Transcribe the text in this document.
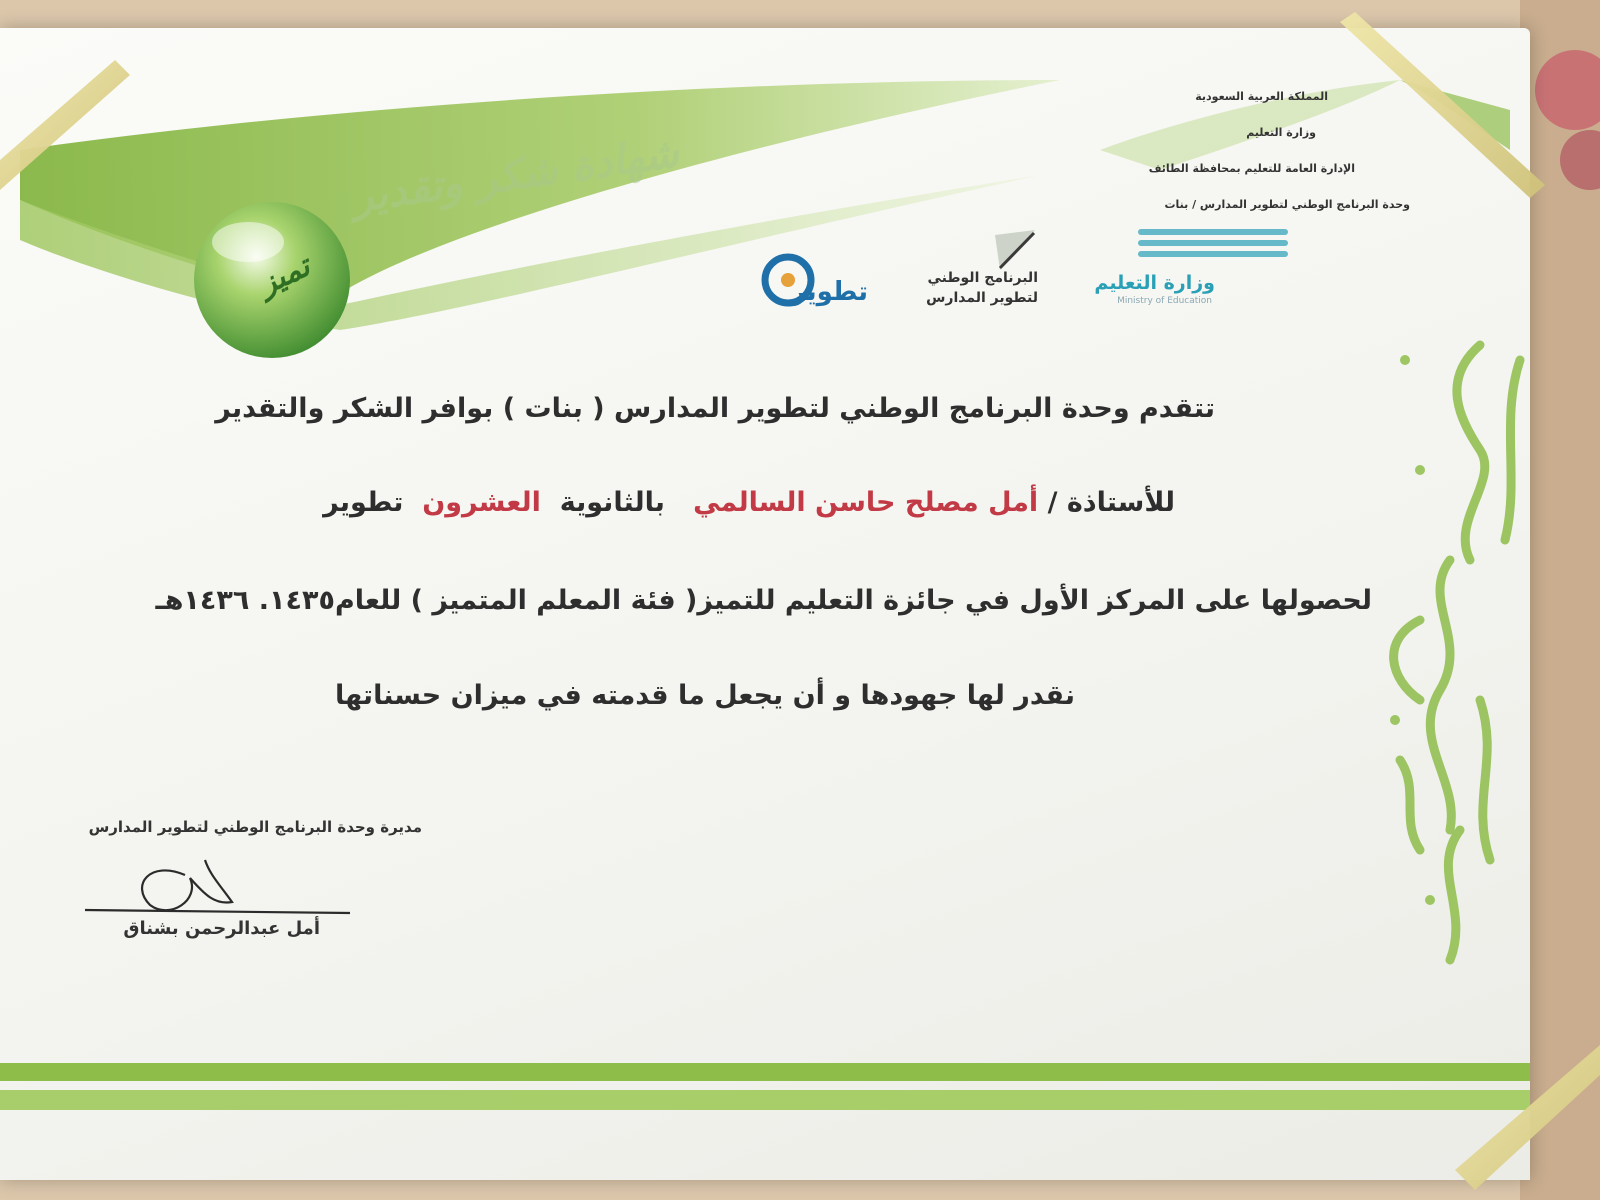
المملكة العربية السعودية
وزارة التعليم
الإدارة العامة للتعليم بمحافظة الطائف
وحدة البرنامج الوطني لتطوير المدارس / بنات
وزارة التعليم
Ministry of Education
البرنامج الوطني
لتطوير المدارس
تطوير
تميز
شهادة شكر وتقدير
تتقدم وحدة البرنامج الوطني لتطوير المدارس ( بنات ) بوافر الشكر والتقدير
للأستاذة / أمل مصلح حاسن السالمي   بالثانوية  العشرون  تطوير
لحصولها على المركز الأول في جائزة التعليم للتميز( فئة المعلم المتميز ) للعام١٤٣٥. ١٤٣٦هـ
نقدر لها جهودها و أن يجعل ما قدمته في ميزان حسناتها
مديرة وحدة البرنامج الوطني لتطوير المدارس
أمل عبدالرحمن بشناق
